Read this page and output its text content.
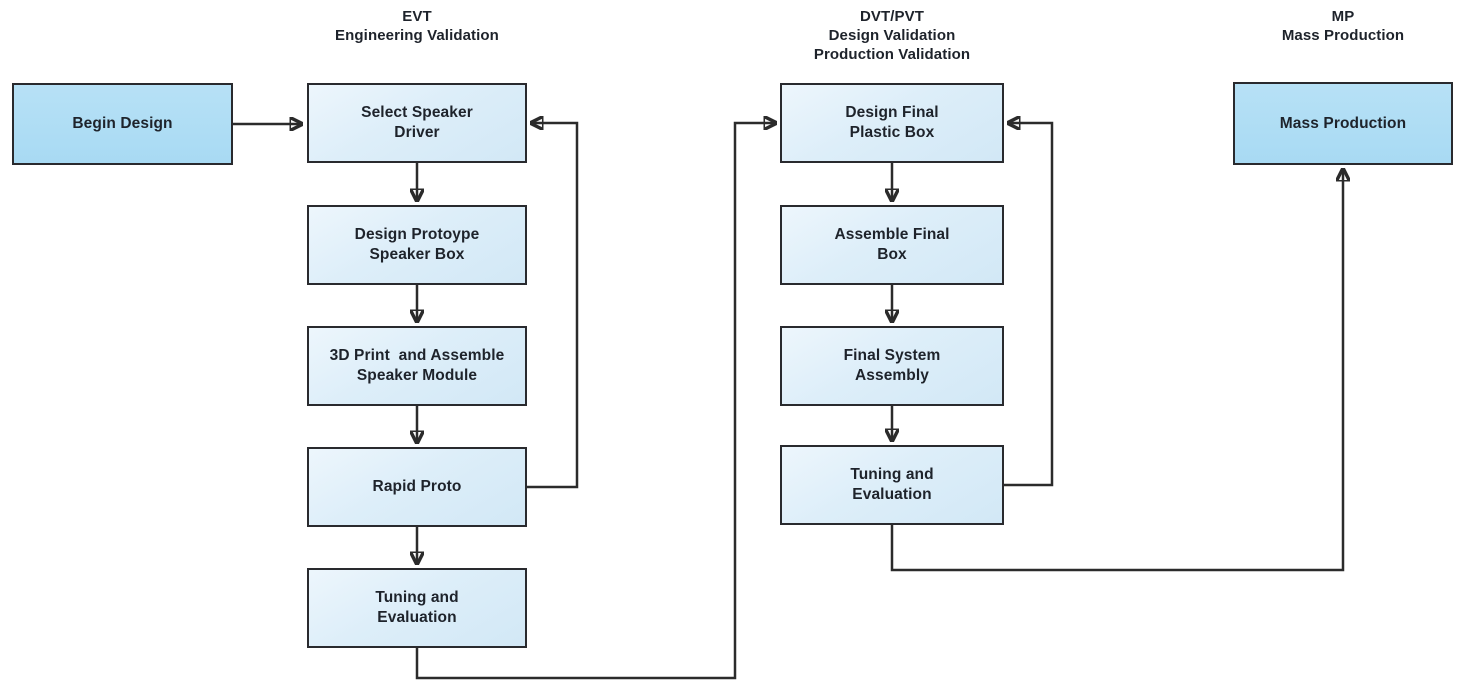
EVT
Engineering Validation
DVT/PVT
Design Validation
Production Validation
MP
Mass Production
Begin Design
Select Speaker
Driver
Design Protoype
Speaker Box
3D Print  and Assemble
Speaker Module
Rapid Proto
Tuning and
Evaluation
Design Final
Plastic Box
Assemble Final
Box
Final System
Assembly
Tuning and
Evaluation
Mass Production
